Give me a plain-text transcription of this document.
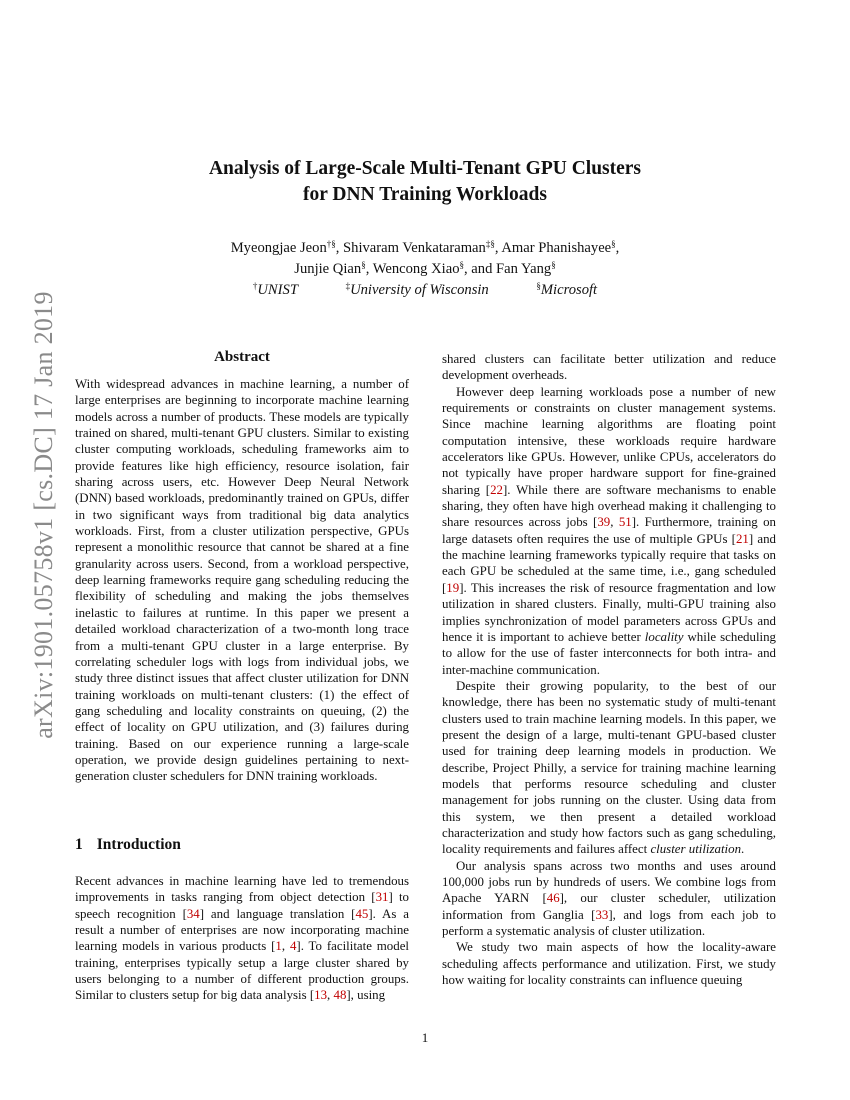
arXiv:1901.05758v1 [cs.DC] 17 Jan 2019
Analysis of Large-Scale Multi-Tenant GPU Clusters
for DNN Training Workloads
Myeongjae Jeon†§, Shivaram Venkataraman‡§, Amar Phanishayee§,
Junjie Qian§, Wencong Xiao§, and Fan Yang§
†UNIST	‡University of Wisconsin	§Microsoft
Abstract

With widespread advances in machine learning, a number of large enterprises are beginning to incorporate machine learning models across a number of products. These models are typically trained on shared, multi-tenant GPU clusters. Similar to existing cluster computing workloads, scheduling frameworks aim to provide features like high efficiency, resource isolation, fair sharing across users, etc. However Deep Neural Network (DNN) based workloads, predominantly trained on GPUs, differ in two significant ways from traditional big data analytics workloads. First, from a cluster utilization perspective, GPUs represent a monolithic resource that cannot be shared at a fine granularity across users. Second, from a workload perspective, deep learning frameworks require gang scheduling reducing the flexibility of scheduling and making the jobs themselves inelastic to failures at runtime. In this paper we present a detailed workload characterization of a two-month long trace from a multi-tenant GPU cluster in a large enterprise. By correlating scheduler logs with logs from individual jobs, we study three distinct issues that affect cluster utilization for DNN training workloads on multi-tenant clusters: (1) the effect of gang scheduling and locality constraints on queuing, (2) the effect of locality on GPU utilization, and (3) failures during training. Based on our experience running a large-scale operation, we provide design guidelines pertaining to next-generation cluster schedulers for DNN training workloads.

1 Introduction

Recent advances in machine learning have led to tremendous improvements in tasks ranging from object detection [31] to speech recognition [34] and language translation [45]. As a result a number of enterprises are now incorporating machine learning models in various products [1, 4]. To facilitate model training, enterprises typically setup a large cluster shared by users belonging to a number of different production groups. Similar to clusters setup for big data analysis [13, 48], using

shared clusters can facilitate better utilization and reduce development overheads.

However deep learning workloads pose a number of new requirements or constraints on cluster management systems. Since machine learning algorithms are floating point computation intensive, these workloads require hardware accelerators like GPUs. However, unlike CPUs, accelerators do not typically have proper hardware support for fine-grained sharing [22]. While there are software mechanisms to enable sharing, they often have high overhead making it challenging to share resources across jobs [39, 51]. Furthermore, training on large datasets often requires the use of multiple GPUs [21] and the machine learning frameworks typically require that tasks on each GPU be scheduled at the same time, i.e., gang scheduled [19]. This increases the risk of resource fragmentation and low utilization in shared clusters. Finally, multi-GPU training also implies synchronization of model parameters across GPUs and hence it is important to achieve better locality while scheduling to allow for the use of faster interconnects for both intra- and inter-machine communication.

Despite their growing popularity, to the best of our knowledge, there has been no systematic study of multi-tenant clusters used to train machine learning models. In this paper, we present the design of a large, multi-tenant GPU-based cluster used for training deep learning models in production. We describe, Project Philly, a service for training machine learning models that performs resource scheduling and cluster management for jobs running on the cluster. Using data from this system, we then present a detailed workload characterization and study how factors such as gang scheduling, locality requirements and failures affect cluster utilization.

Our analysis spans across two months and uses around 100,000 jobs run by hundreds of users. We combine logs from Apache YARN [46], our cluster scheduler, utilization information from Ganglia [33], and logs from each job to perform a systematic analysis of cluster utilization.

We study two main aspects of how the locality-aware scheduling affects performance and utilization. First, we study how waiting for locality constraints can influence queuing

1
